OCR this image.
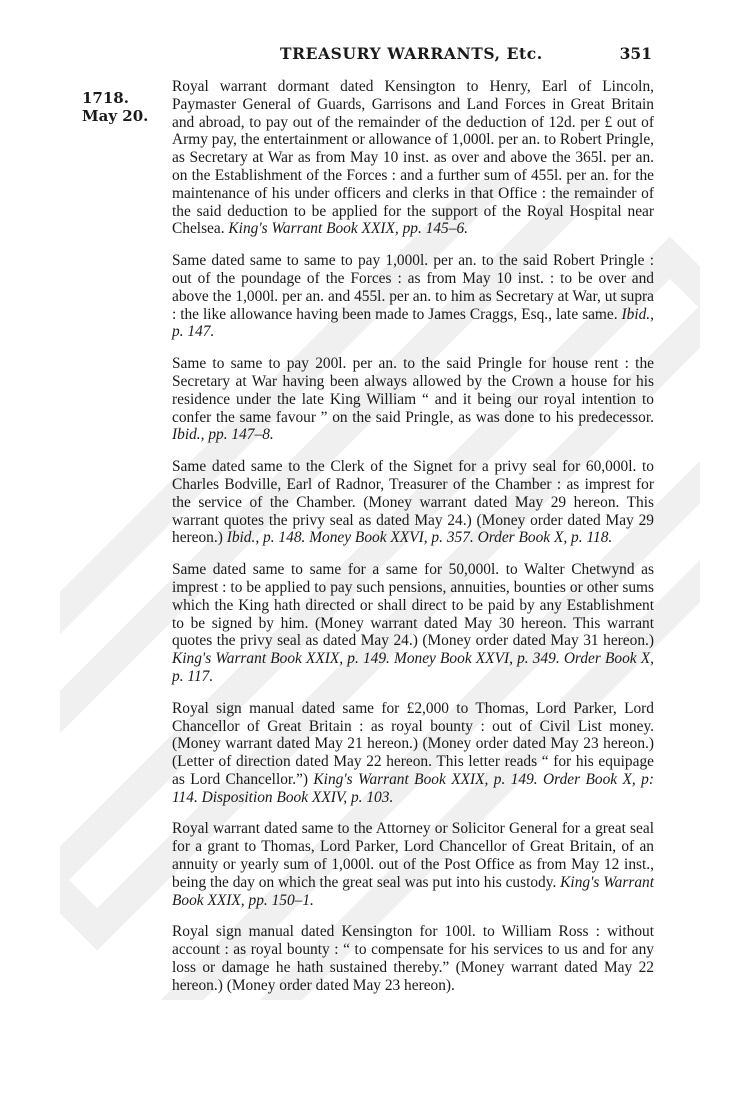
TREASURY WARRANTS, Etc.	351
1718.
May 20.

Royal warrant dormant dated Kensington to Henry, Earl of Lincoln, Paymaster General of Guards, Garrisons and Land Forces in Great Britain and abroad, to pay out of the remainder of the deduction of 12d. per £ out of Army pay, the entertainment or allowance of 1,000l. per an. to Robert Pringle, as Secretary at War as from May 10 inst. as over and above the 365l. per an. on the Establishment of the Forces : and a further sum of 455l. per an. for the maintenance of his under officers and clerks in that Office : the remainder of the said deduction to be applied for the support of the Royal Hospital near Chelsea. King's Warrant Book XXIX, pp. 145–6.

Same dated same to same to pay 1,000l. per an. to the said Robert Pringle : out of the poundage of the Forces : as from May 10 inst. : to be over and above the 1,000l. per an. and 455l. per an. to him as Secretary at War, ut supra : the like allowance having been made to James Craggs, Esq., late same. Ibid., p. 147.

Same to same to pay 200l. per an. to the said Pringle for house rent : the Secretary at War having been always allowed by the Crown a house for his residence under the late King William “ and it being our royal intention to confer the same favour ” on the said Pringle, as was done to his predecessor. Ibid., pp. 147–8.

Same dated same to the Clerk of the Signet for a privy seal for 60,000l. to Charles Bodville, Earl of Radnor, Treasurer of the Chamber : as imprest for the service of the Chamber. (Money warrant dated May 29 hereon. This warrant quotes the privy seal as dated May 24.) (Money order dated May 29 hereon.) Ibid., p. 148. Money Book XXVI, p. 357. Order Book X, p. 118.

Same dated same to same for a same for 50,000l. to Walter Chetwynd as imprest : to be applied to pay such pensions, annuities, bounties or other sums which the King hath directed or shall direct to be paid by any Establishment to be signed by him. (Money warrant dated May 30 hereon. This warrant quotes the privy seal as dated May 24.) (Money order dated May 31 hereon.) King's Warrant Book XXIX, p. 149. Money Book XXVI, p. 349. Order Book X, p. 117.

Royal sign manual dated same for £2,000 to Thomas, Lord Parker, Lord Chancellor of Great Britain : as royal bounty : out of Civil List money. (Money warrant dated May 21 hereon.) (Money order dated May 23 hereon.) (Letter of direction dated May 22 hereon. This letter reads “ for his equipage as Lord Chancellor.”) King's Warrant Book XXIX, p. 149. Order Book X, p: 114. Disposition Book XXIV, p. 103.

Royal warrant dated same to the Attorney or Solicitor General for a great seal for a grant to Thomas, Lord Parker, Lord Chancellor of Great Britain, of an annuity or yearly sum of 1,000l. out of the Post Office as from May 12 inst., being the day on which the great seal was put into his custody. King's Warrant Book XXIX, pp. 150–1.

Royal sign manual dated Kensington for 100l. to William Ross : without account : as royal bounty : “ to compensate for his services to us and for any loss or damage he hath sustained thereby.” (Money warrant dated May 22 hereon.) (Money order dated May 23 hereon).
